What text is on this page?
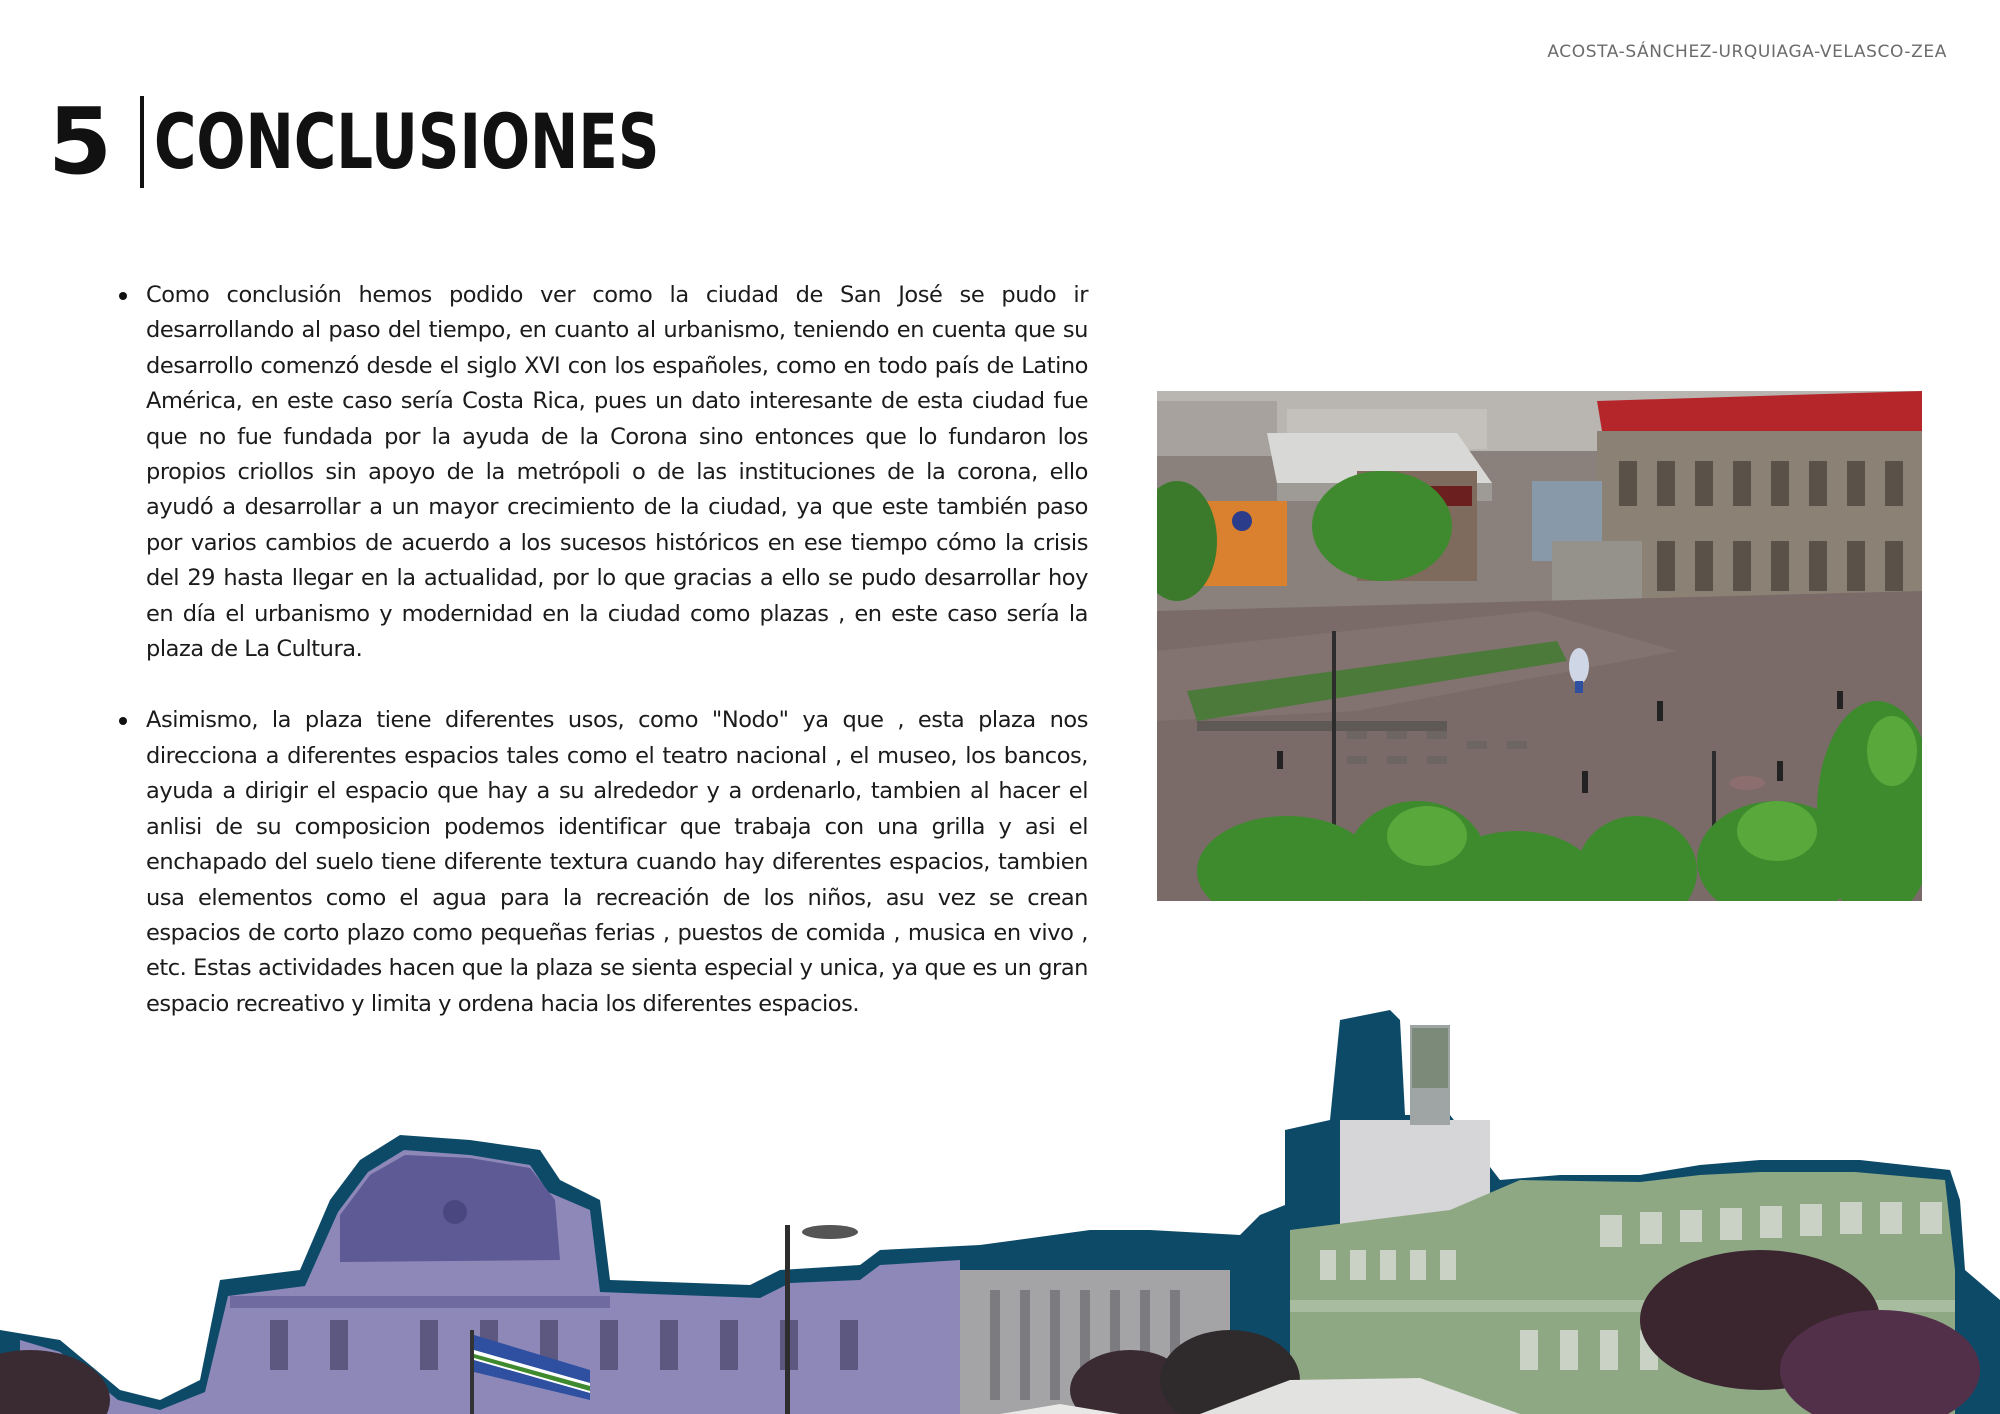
ACOSTA-SÁNCHEZ-URQUIAGA-VELASCO-ZEA
5 CONCLUSIONES
Como conclusión hemos podido ver como la ciudad de San José se pudo ir desarrollando al paso del tiempo, en cuanto al urbanismo, teniendo en cuenta que su desarrollo comenzó desde el siglo XVI con los españoles, como en todo país de Latino América, en este caso sería Costa Rica, pues un dato interesante de esta ciudad fue que no fue fundada por la ayuda de la Corona sino entonces que lo fundaron los propios criollos sin apoyo de la metrópoli o de las instituciones de la corona, ello ayudó a desarrollar a un mayor crecimiento de la ciudad, ya que este también paso por varios cambios de acuerdo a los sucesos históricos en ese tiempo cómo la crisis del 29 hasta llegar en la actualidad, por lo que gracias a ello se pudo desarrollar hoy en día el urbanismo y modernidad en la ciudad como plazas , en este caso sería la plaza de La Cultura.
Asimismo, la plaza tiene diferentes usos, como "Nodo" ya que , esta plaza nos direcciona a diferentes espacios tales como el teatro nacional , el museo, los bancos, ayuda a dirigir el espacio que hay a su alrededor y a ordenarlo, tambien al hacer el anlisi de su composicion podemos identificar que trabaja con una grilla y asi el enchapado del suelo tiene diferente textura cuando hay diferentes espacios, tambien usa elementos como el agua para la recreación de los niños, asu vez se crean espacios de corto plazo como pequeñas ferias , puestos de comida , musica en vivo , etc. Estas actividades hacen que la plaza se sienta especial y unica, ya que es un gran espacio recreativo y limita y ordena hacia los diferentes espacios.
